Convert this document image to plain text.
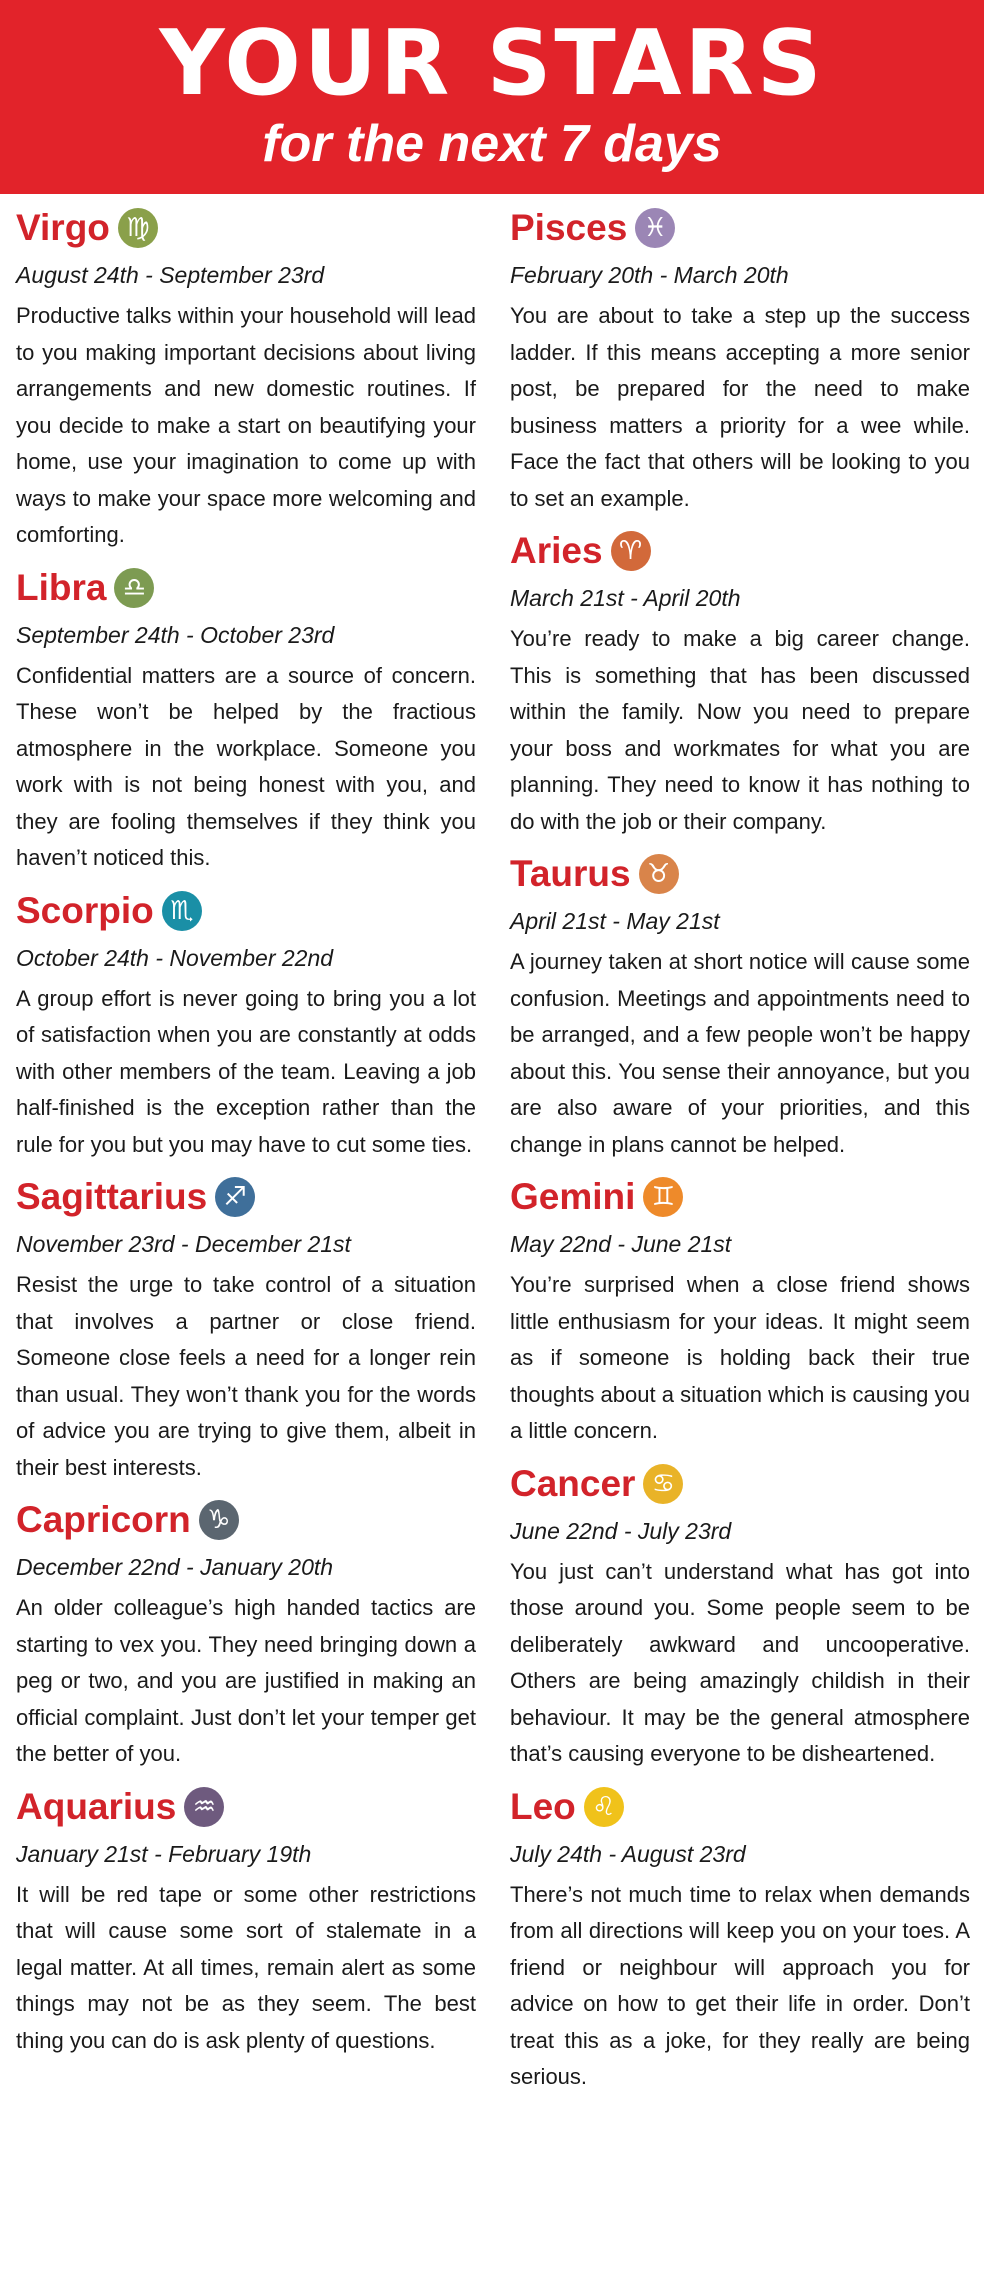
YOUR STARS
for the next 7 days
Virgo ♍
August 24th - September 23rd

Productive talks within your household will lead to you making important decisions about living arrangements and new domestic routines. If you decide to make a start on beautifying your home, use your imagination to come up with ways to make your space more welcoming and comforting.

Libra ♎
September 24th - October 23rd

Confidential matters are a source of concern. These won’t be helped by the fractious atmosphere in the workplace. Someone you work with is not being honest with you, and they are fooling themselves if they think you haven’t noticed this.

Scorpio ♏
October 24th - November 22nd

A group effort is never going to bring you a lot of satisfaction when you are constantly at odds with other members of the team. Leaving a job half-finished is the exception rather than the rule for you but you may have to cut some ties.

Sagittarius ♐
November 23rd - December 21st

Resist the urge to take control of a situation that involves a partner or close friend. Someone close feels a need for a longer rein than usual. They won’t thank you for the words of advice you are trying to give them, albeit in their best interests.

Capricorn ♑
December 22nd - January 20th

An older colleague’s high handed tactics are starting to vex you. They need bringing down a peg or two, and you are justified in making an official complaint. Just don’t let your temper get the better of you.

Aquarius ♒
January 21st - February 19th

It will be red tape or some other restrictions that will cause some sort of stalemate in a legal matter. At all times, remain alert as some things may not be as they seem. The best thing you can do is ask plenty of questions.

Pisces ♓
February 20th - March 20th

You are about to take a step up the success ladder. If this means accepting a more senior post, be prepared for the need to make business matters a priority for a wee while. Face the fact that others will be looking to you to set an example.

Aries ♈
March 21st - April 20th

You’re ready to make a big career change. This is something that has been discussed within the family. Now you need to prepare your boss and workmates for what you are planning. They need to know it has nothing to do with the job or their company.

Taurus ♉
April 21st - May 21st

A journey taken at short notice will cause some confusion. Meetings and appointments need to be arranged, and a few people won’t be happy about this. You sense their annoyance, but you are also aware of your priorities, and this change in plans cannot be helped.

Gemini ♊
May 22nd - June 21st

You’re surprised when a close friend shows little enthusiasm for your ideas. It might seem as if someone is holding back their true thoughts about a situation which is causing you a little concern.

Cancer ♋
June 22nd - July 23rd

You just can’t understand what has got into those around you. Some people seem to be deliberately awkward and uncooperative. Others are being amazingly childish in their behaviour. It may be the general atmosphere that’s causing everyone to be disheartened.

Leo ♌
July 24th - August 23rd

There’s not much time to relax when demands from all directions will keep you on your toes. A friend or neighbour will approach you for advice on how to get their life in order. Don’t treat this as a joke, for they really are being serious.
